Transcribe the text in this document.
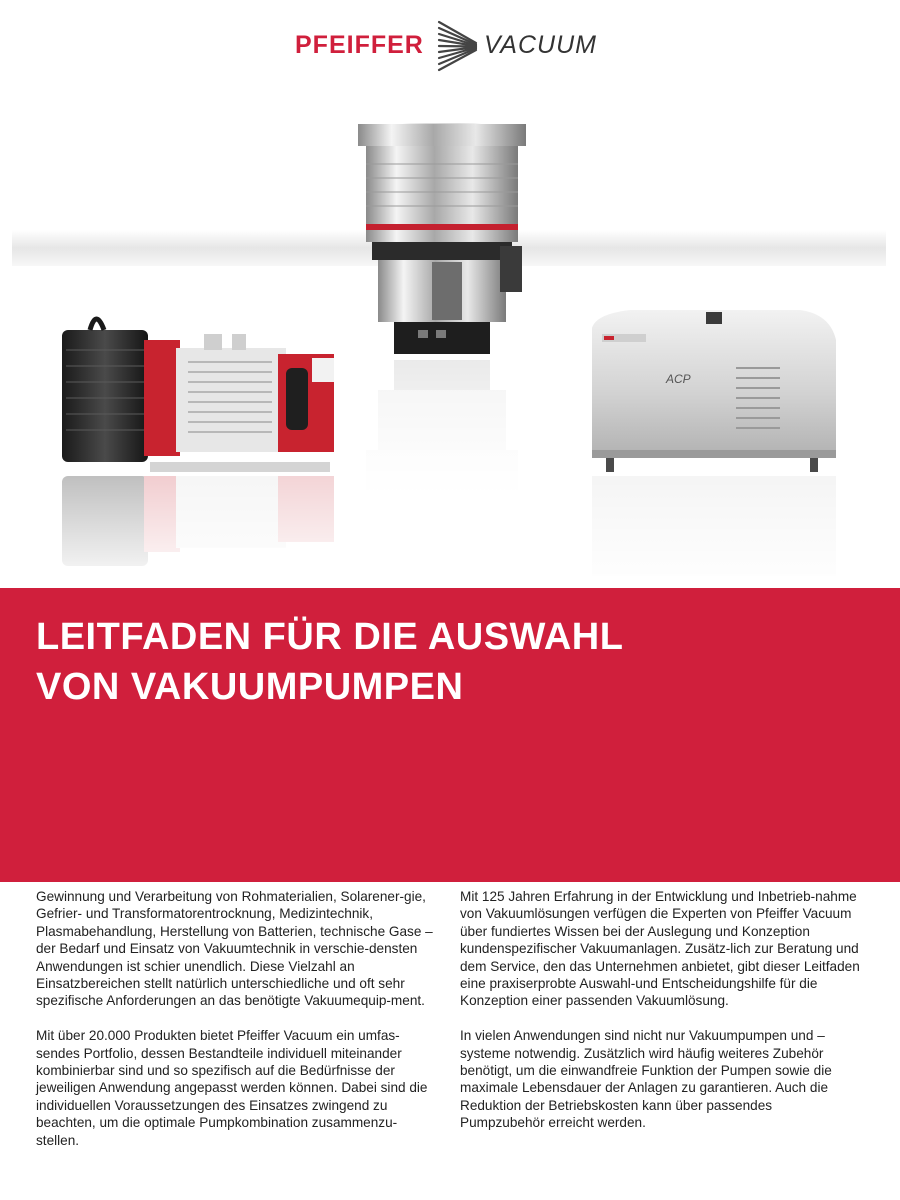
PFEIFFER VACUUM
ACP
LEITFADEN FÜR DIE AUSWAHL
VON VAKUUMPUMPEN

Gewinnung und Verarbeitung von Rohmaterialien, Solarener-gie, Gefrier- und Transformatorentrocknung, Medizintechnik, Plasmabehandlung, Herstellung von Batterien, technische Gase – der Bedarf und Einsatz von Vakuumtechnik in verschie-densten Anwendungen ist schier unendlich. Diese Vielzahl an Einsatzbereichen stellt natürlich unterschiedliche und oft sehr spezifische Anforderungen an das benötigte Vakuumequip-ment.

Mit über 20.000 Produkten bietet Pfeiffer Vacuum ein umfas-sendes Portfolio, dessen Bestandteile individuell miteinander kombinierbar sind und so spezifisch auf die Bedürfnisse der jeweiligen Anwendung angepasst werden können. Dabei sind die individuellen Voraussetzungen des Einsatzes zwingend zu beachten, um die optimale Pumpkombination zusammenzu-stellen.

Mit 125 Jahren Erfahrung in der Entwicklung und Inbetrieb-nahme von Vakuumlösungen verfügen die Experten von Pfeiffer Vacuum über fundiertes Wissen bei der Auslegung und Konzeption kundenspezifischer Vakuumanlagen. Zusätz-lich zur Beratung und dem Service, den das Unternehmen anbietet, gibt dieser Leitfaden eine praxiserprobte Auswahl-und Entscheidungshilfe für die Konzeption einer passenden Vakuumlösung.

In vielen Anwendungen sind nicht nur Vakuumpumpen und –systeme notwendig. Zusätzlich wird häufig weiteres Zubehör benötigt, um die einwandfreie Funktion der Pumpen sowie die maximale Lebensdauer der Anlagen zu garantieren. Auch die Reduktion der Betriebskosten kann über passendes Pumpzubehör erreicht werden.
